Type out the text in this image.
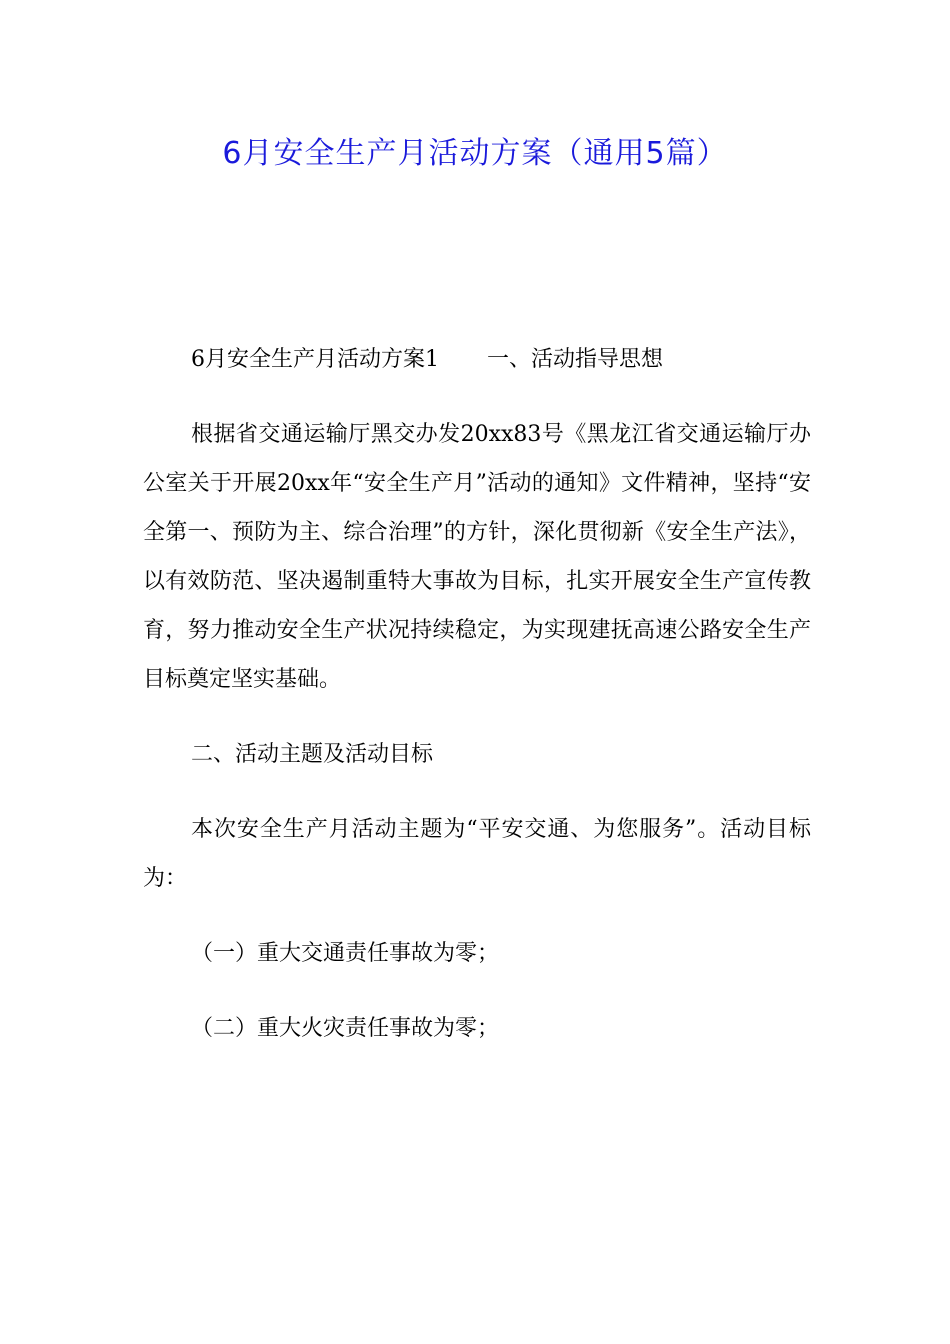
6月安全生产月活动方案（通用5篇）

6月安全生产月活动方案1 一、活动指导思想

根据省交通运输厅黑交办发20xx83号《黑龙江省交通运输厅办公室关于开展20xx年“安全生产月”活动的通知》文件精神，坚持“安全第一、预防为主、综合治理”的方针，深化贯彻新《安全生产法》，以有效防范、坚决遏制重特大事故为目标，扎实开展安全生产宣传教育，努力推动安全生产状况持续稳定，为实现建抚高速公路安全生产目标奠定坚实基础。

二、活动主题及活动目标

本次安全生产月活动主题为“平安交通、为您服务”。活动目标为：

（一）重大交通责任事故为零；

（二）重大火灾责任事故为零；
